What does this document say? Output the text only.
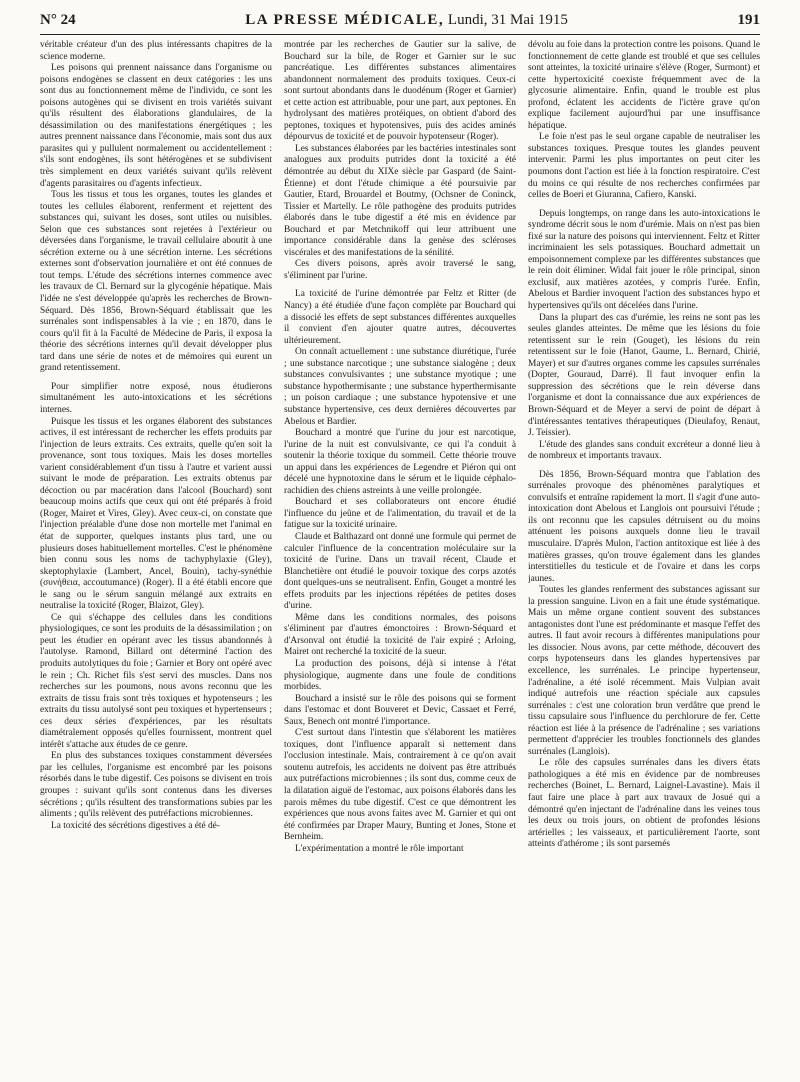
N° 24	LA PRESSE MÉDICALE, Lundi, 31 Mai 1915	191

véritable créateur d'un des plus intéressants chapitres de la science moderne.

Les poisons qui prennent naissance dans l'organisme ou poisons endogènes se classent en deux catégories : les uns sont dus au fonctionnement même de l'individu, ce sont les poisons autogènes qui se divisent en trois variétés suivant qu'ils résultent des élaborations glandulaires, de la désassimilation ou des manifestations énergétiques ; les autres prennent naissance dans l'économie, mais sont dus aux parasites qui y pullulent normalement ou accidentellement : s'ils sont endogènes, ils sont hétérogènes et se subdivisent très simplement en deux variétés suivant qu'ils relèvent d'agents parasitaires ou d'agents infectieux.

Tous les tissus et tous les organes, toutes les glandes et toutes les cellules élaborent, renferment et rejettent des substances qui, suivant les doses, sont utiles ou nuisibles. Selon que ces substances sont rejetées à l'extérieur ou déversées dans l'organisme, le travail cellulaire aboutit à une sécrétion externe ou à une sécrétion interne. Les sécrétions externes sont d'observation journalière et ont été connues de tout temps. L'étude des sécrétions internes commence avec les travaux de Cl. Bernard sur la glycogénie hépatique. Mais l'idée ne s'est développée qu'après les recherches de Brown-Séquard. Dès 1856, Brown-Séquard établissait que les surrénales sont indispensables à la vie ; en 1870, dans le cours qu'il fit à la Faculté de Médecine de Paris, il exposa la théorie des sécrétions internes qu'il devait développer plus tard dans une série de notes et de mémoires qui eurent un grand retentissement.

Pour simplifier notre exposé, nous étudierons simultanément les auto-intoxications et les sécrétions internes.

Puisque les tissus et les organes élaborent des substances actives, il est intéressant de rechercher les effets produits par l'injection de leurs extraits. Ces extraits, quelle qu'en soit la provenance, sont tous toxiques. Mais les doses mortelles varient considérablement d'un tissu à l'autre et varient aussi suivant le mode de préparation. Les extraits obtenus par décoction ou par macération dans l'alcool (Bouchard) sont beaucoup moins actifs que ceux qui ont été préparés à froid (Roger, Mairet et Vires, Gley). Avec ceux-ci, on constate que l'injection préalable d'une dose non mortelle met l'animal en état de supporter, quelques instants plus tard, une ou plusieurs doses habituellement mortelles. C'est le phénomène bien connu sous les noms de tachyphylaxie (Gley), skeptophylaxie (Lambert, Ancel, Bouin), tachy-synéthie (συνήθεια, accoutumance) (Roger). Il a été établi encore que le sang ou le sérum sanguin mélangé aux extraits en neutralise la toxicité (Roger, Blaizot, Gley).

Ce qui s'échappe des cellules dans les conditions physiologiques, ce sont les produits de la désassimilation ; on peut les étudier en opérant avec les tissus abandonnés à l'autolyse. Ramond, Billard ont déterminé l'action des produits autolytiques du foie ; Garnier et Bory ont opéré avec le rein ; Ch. Richet fils s'est servi des muscles. Dans nos recherches sur les poumons, nous avons reconnu que les extraits de tissu frais sont très toxiques et hypotenseurs ; les extraits du tissu autolysé sont peu toxiques et hypertenseurs ; ces deux séries d'expériences, par les résultats diamétralement opposés qu'elles fournissent, montrent quel intérêt s'attache aux études de ce genre.

En plus des substances toxiques constamment déversées par les cellules, l'organisme est encombré par les poisons résorbés dans le tube digestif. Ces poisons se divisent en trois groupes : suivant qu'ils sont contenus dans les diverses sécrétions ; qu'ils résultent des transformations subies par les aliments ; qu'ils relèvent des putréfactions microbiennes.

La toxicité des sécrétions digestives a été dé-

montrée par les recherches de Gautier sur la salive, de Bouchard sur la bile, de Roger et Garnier sur le suc pancréatique. Les différentes substances alimentaires abandonnent normalement des produits toxiques. Ceux-ci sont surtout abondants dans le duodénum (Roger et Garnier) et cette action est attribuable, pour une part, aux peptones. En hydrolysant des matières protéiques, on obtient d'abord des peptones, toxiques et hypotensives, puis des acides aminés dépourvus de toxicité et de pouvoir hypotenseur (Roger).

Les substances élaborées par les bactéries intestinales sont analogues aux produits putrides dont la toxicité a été démontrée au début du XIXe siècle par Gaspard (de Saint-Étienne) et dont l'étude chimique a été poursuivie par Gautier, Etard, Brouardel et Boutmy, (Ochsner de Coninck, Tissier et Martelly. Le rôle pathogène des produits putrides élaborés dans le tube digestif a été mis en évidence par Bouchard et par Metchnikoff qui leur attribuent une importance considérable dans la genèse des scléroses viscérales et des manifestations de la sénilité.

Ces divers poisons, après avoir traversé le sang, s'éliminent par l'urine.

La toxicité de l'urine démontrée par Feltz et Ritter (de Nancy) a été étudiée d'une façon complète par Bouchard qui a dissocié les effets de sept substances différentes auxquelles il convient d'en ajouter quatre autres, découvertes ultérieurement.

On connaît actuellement : une substance diurétique, l'urée ; une substance narcotique ; une substance sialogène ; deux substances convulsivantes ; une substance myotique ; une substance hypothermisante ; une substance hyperthermisante ; un poison cardiaque ; une substance hypotensive et une substance hypertensive, ces deux dernières découvertes par Abelous et Bardier.

Bouchard a montré que l'urine du jour est narcotique, l'urine de la nuit est convulsivante, ce qui l'a conduit à soutenir la théorie toxique du sommeil. Cette théorie trouve un appui dans les expériences de Legendre et Piéron qui ont décelé une hypnotoxine dans le sérum et le liquide céphalo-rachidien des chiens astreints à une veille prolongée.

Bouchard et ses collaborateurs ont encore étudié l'influence du jeûne et de l'alimentation, du travail et de la fatigue sur la toxicité urinaire.

Claude et Balthazard ont donné une formule qui permet de calculer l'influence de la concentration moléculaire sur la toxicité de l'urine. Dans un travail récent, Claude et Blanchetière ont étudié le pouvoir toxique des corps azotés dont quelques-uns se neutralisent. Enfin, Gouget a montré les effets produits par les injections répétées de petites doses d'urine.

Même dans les conditions normales, des poisons s'éliminent par d'autres émonctoires : Brown-Séquard et d'Arsonval ont étudié la toxicité de l'air expiré ; Arloing, Mairet ont recherché la toxicité de la sueur.

La production des poisons, déjà si intense à l'état physiologique, augmente dans une foule de conditions morbides.

Bouchard a insisté sur le rôle des poisons qui se forment dans l'estomac et dont Bouveret et Devic, Cassaet et Ferré, Saux, Benech ont montré l'importance.

C'est surtout dans l'intestin que s'élaborent les matières toxiques, dont l'influence apparaît si nettement dans l'occlusion intestinale. Mais, contrairement à ce qu'on avait soutenu autrefois, les accidents ne doivent pas être attribués aux putréfactions microbiennes ; ils sont dus, comme ceux de la dilatation aiguë de l'estomac, aux poisons élaborés dans les parois mêmes du tube digestif. C'est ce que démontrent les expériences que nous avons faites avec M. Garnier et qui ont été confirmées par Draper Maury, Bunting et Jones, Stone et Bernheim.

L'expérimentation a montré le rôle important

dévolu au foie dans la protection contre les poisons. Quand le fonctionnement de cette glande est troublé et que ses cellules sont atteintes, la toxicité urinaire s'élève (Roger, Surmont) et cette hypertoxicité coexiste fréquemment avec de la glycosurie alimentaire. Enfin, quand le trouble est plus profond, éclatent les accidents de l'ictère grave qu'on explique facilement aujourd'hui par une insuffisance hépatique.

Le foie n'est pas le seul organe capable de neutraliser les substances toxiques. Presque toutes les glandes peuvent intervenir. Parmi les plus importantes on peut citer les poumons dont l'action est liée à la fonction respiratoire. C'est du moins ce qui résulte de nos recherches confirmées par celles de Boeri et Giuranna, Cafiero, Kanski.

Depuis longtemps, on range dans les auto-intoxications le syndrome décrit sous le nom d'urémie. Mais on n'est pas bien fixé sur la nature des poisons qui interviennent. Feltz et Ritter incriminaient les sels potassiques. Bouchard admettait un empoisonnement complexe par les différentes substances que le rein doit éliminer. Widal fait jouer le rôle principal, sinon exclusif, aux matières azotées, y compris l'urée. Enfin, Abelous et Bardier invoquent l'action des substances hypo et hypertensives qu'ils ont décelées dans l'urine.

Dans la plupart des cas d'urémie, les reins ne sont pas les seules glandes atteintes. De même que les lésions du foie retentissent sur le rein (Gouget), les lésions du rein retentissent sur le foie (Hanot, Gaume, L. Bernard, Chirié, Mayer) et sur d'autres organes comme les capsules surrénales (Dopter, Gouraud, Darré). Il faut invoquer enfin la suppression des sécrétions que le rein déverse dans l'organisme et dont la connaissance due aux expériences de Brown-Séquard et de Meyer a servi de point de départ à d'intéressantes tentatives thérapeutiques (Dieulafoy, Renaut, J. Teissier).

L'étude des glandes sans conduit excréteur a donné lieu à de nombreux et importants travaux.

Dès 1856, Brown-Séquard montra que l'ablation des surrénales provoque des phénomènes paralytiques et convulsifs et entraîne rapidement la mort. Il s'agit d'une auto-intoxication dont Abelous et Langlois ont poursuivi l'étude ; ils ont reconnu que les capsules détruisent ou du moins atténuent les poisons auxquels donne lieu le travail musculaire. D'après Mulon, l'action antitoxique est liée à des matières grasses, qu'on trouve également dans les glandes interstitielles du testicule et de l'ovaire et dans les corps jaunes.

Toutes les glandes renferment des substances agissant sur la pression sanguine. Livon en a fait une étude systématique. Mais un même organe contient souvent des substances antagonistes dont l'une est prédominante et masque l'effet des autres. Il faut avoir recours à différentes manipulations pour les dissocier. Nous avons, par cette méthode, découvert des corps hypotenseurs dans les glandes hypertensives par excellence, les surrénales. Le principe hypertenseur, l'adrénaline, a été isolé récemment. Mais Vulpian avait indiqué autrefois une réaction spéciale aux capsules surrénales : c'est une coloration brun verdâtre que prend le tissu capsulaire sous l'influence du perchlorure de fer. Cette réaction est liée à la présence de l'adrénaline ; ses variations permettent d'apprécier les troubles fonctionnels des glandes surrénales (Langlois).

Le rôle des capsules surrénales dans les divers états pathologiques a été mis en évidence par de nombreuses recherches (Boinet, L. Bernard, Laignel-Lavastine). Mais il faut faire une place à part aux travaux de Josué qui a démontré qu'en injectant de l'adrénaline dans les veines tous les deux ou trois jours, on obtient de profondes lésions artérielles ; les vaisseaux, et particulièrement l'aorte, sont atteints d'athérome ; ils sont parsemés
